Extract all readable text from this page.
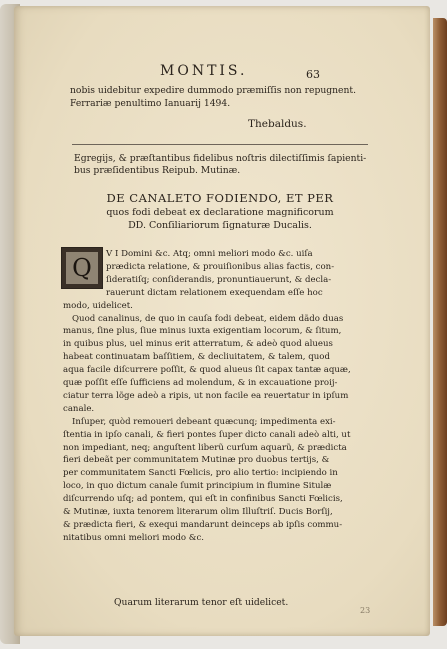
MONTIS.	63
nobis uidebitur expedire dummodo præmiſſis non repugnent.
Ferrariæ penultimo Ianuarij 1494.
Thebaldus.
Egregijs, & præſtantibus fidelibus noſtris dilectiſſimis ſapienti-
bus præſidentibus Reipub. Mutinæ.
DE CANALETO FODIENDO, ET PER
quos fodi debeat ex declaratione magnificorum
DD. Conſiliariorum ſignaturæ Ducalis.
Q	V I Domini &c. Atq; omni meliori modo &c. uiſa
prædicta relatione, & prouiſionibus alias factis, con-
ſideratiſq; conſiderandis, pronuntiauerunt, & decla-
rauerunt dictam relationem exequendam eſſe hoc
modo, uidelicet.
Quod canalinus, de quo in cauſa fodi debeat, eidem dãdo duas
manus, ſine plus, ſiue minus iuxta exigentiam locorum, & ſitum,
in quibus plus, uel minus erit atterratum, & adeò quod alueus
habeat continuatam baſſitiem, & decliuitatem, & talem, quod
aqua facile diſcurrere poſſit, & quod alueus ſit capax tantæ aquæ,
quæ poſſit eſſe ſufficiens ad molendum, & in excauatione proij-
ciatur terra lõge adeò a ripis, ut non facile ea reuertatur in ipſum
canale.
Inſuper, quòd remoueri debeant quæcunq; impedimenta exi-
ſtentia in ipſo canali, & fieri pontes ſuper dicto canali adeò alti, ut
non impediant, neq; anguſtent liberũ curſum aquarũ, & prædicta
fieri debeãt per communitatem Mutinæ pro duobus tertijs, &
per communitatem Sancti Fœlicis, pro alio tertio: incipiendo in
loco, in quo dictum canale ſumit principium in flumine Situlæ
diſcurrendo uſq; ad pontem, qui eſt in confinibus Sancti Fœlicis,
& Mutinæ, iuxta tenorem literarum olim Illuſtriſ. Ducis Borſij,
& prædicta fieri, & exequi mandarunt deinceps ab ipſis commu-
nitatibus omni meliori modo &c.
Quarum literarum tenor eſt uidelicet.
23
